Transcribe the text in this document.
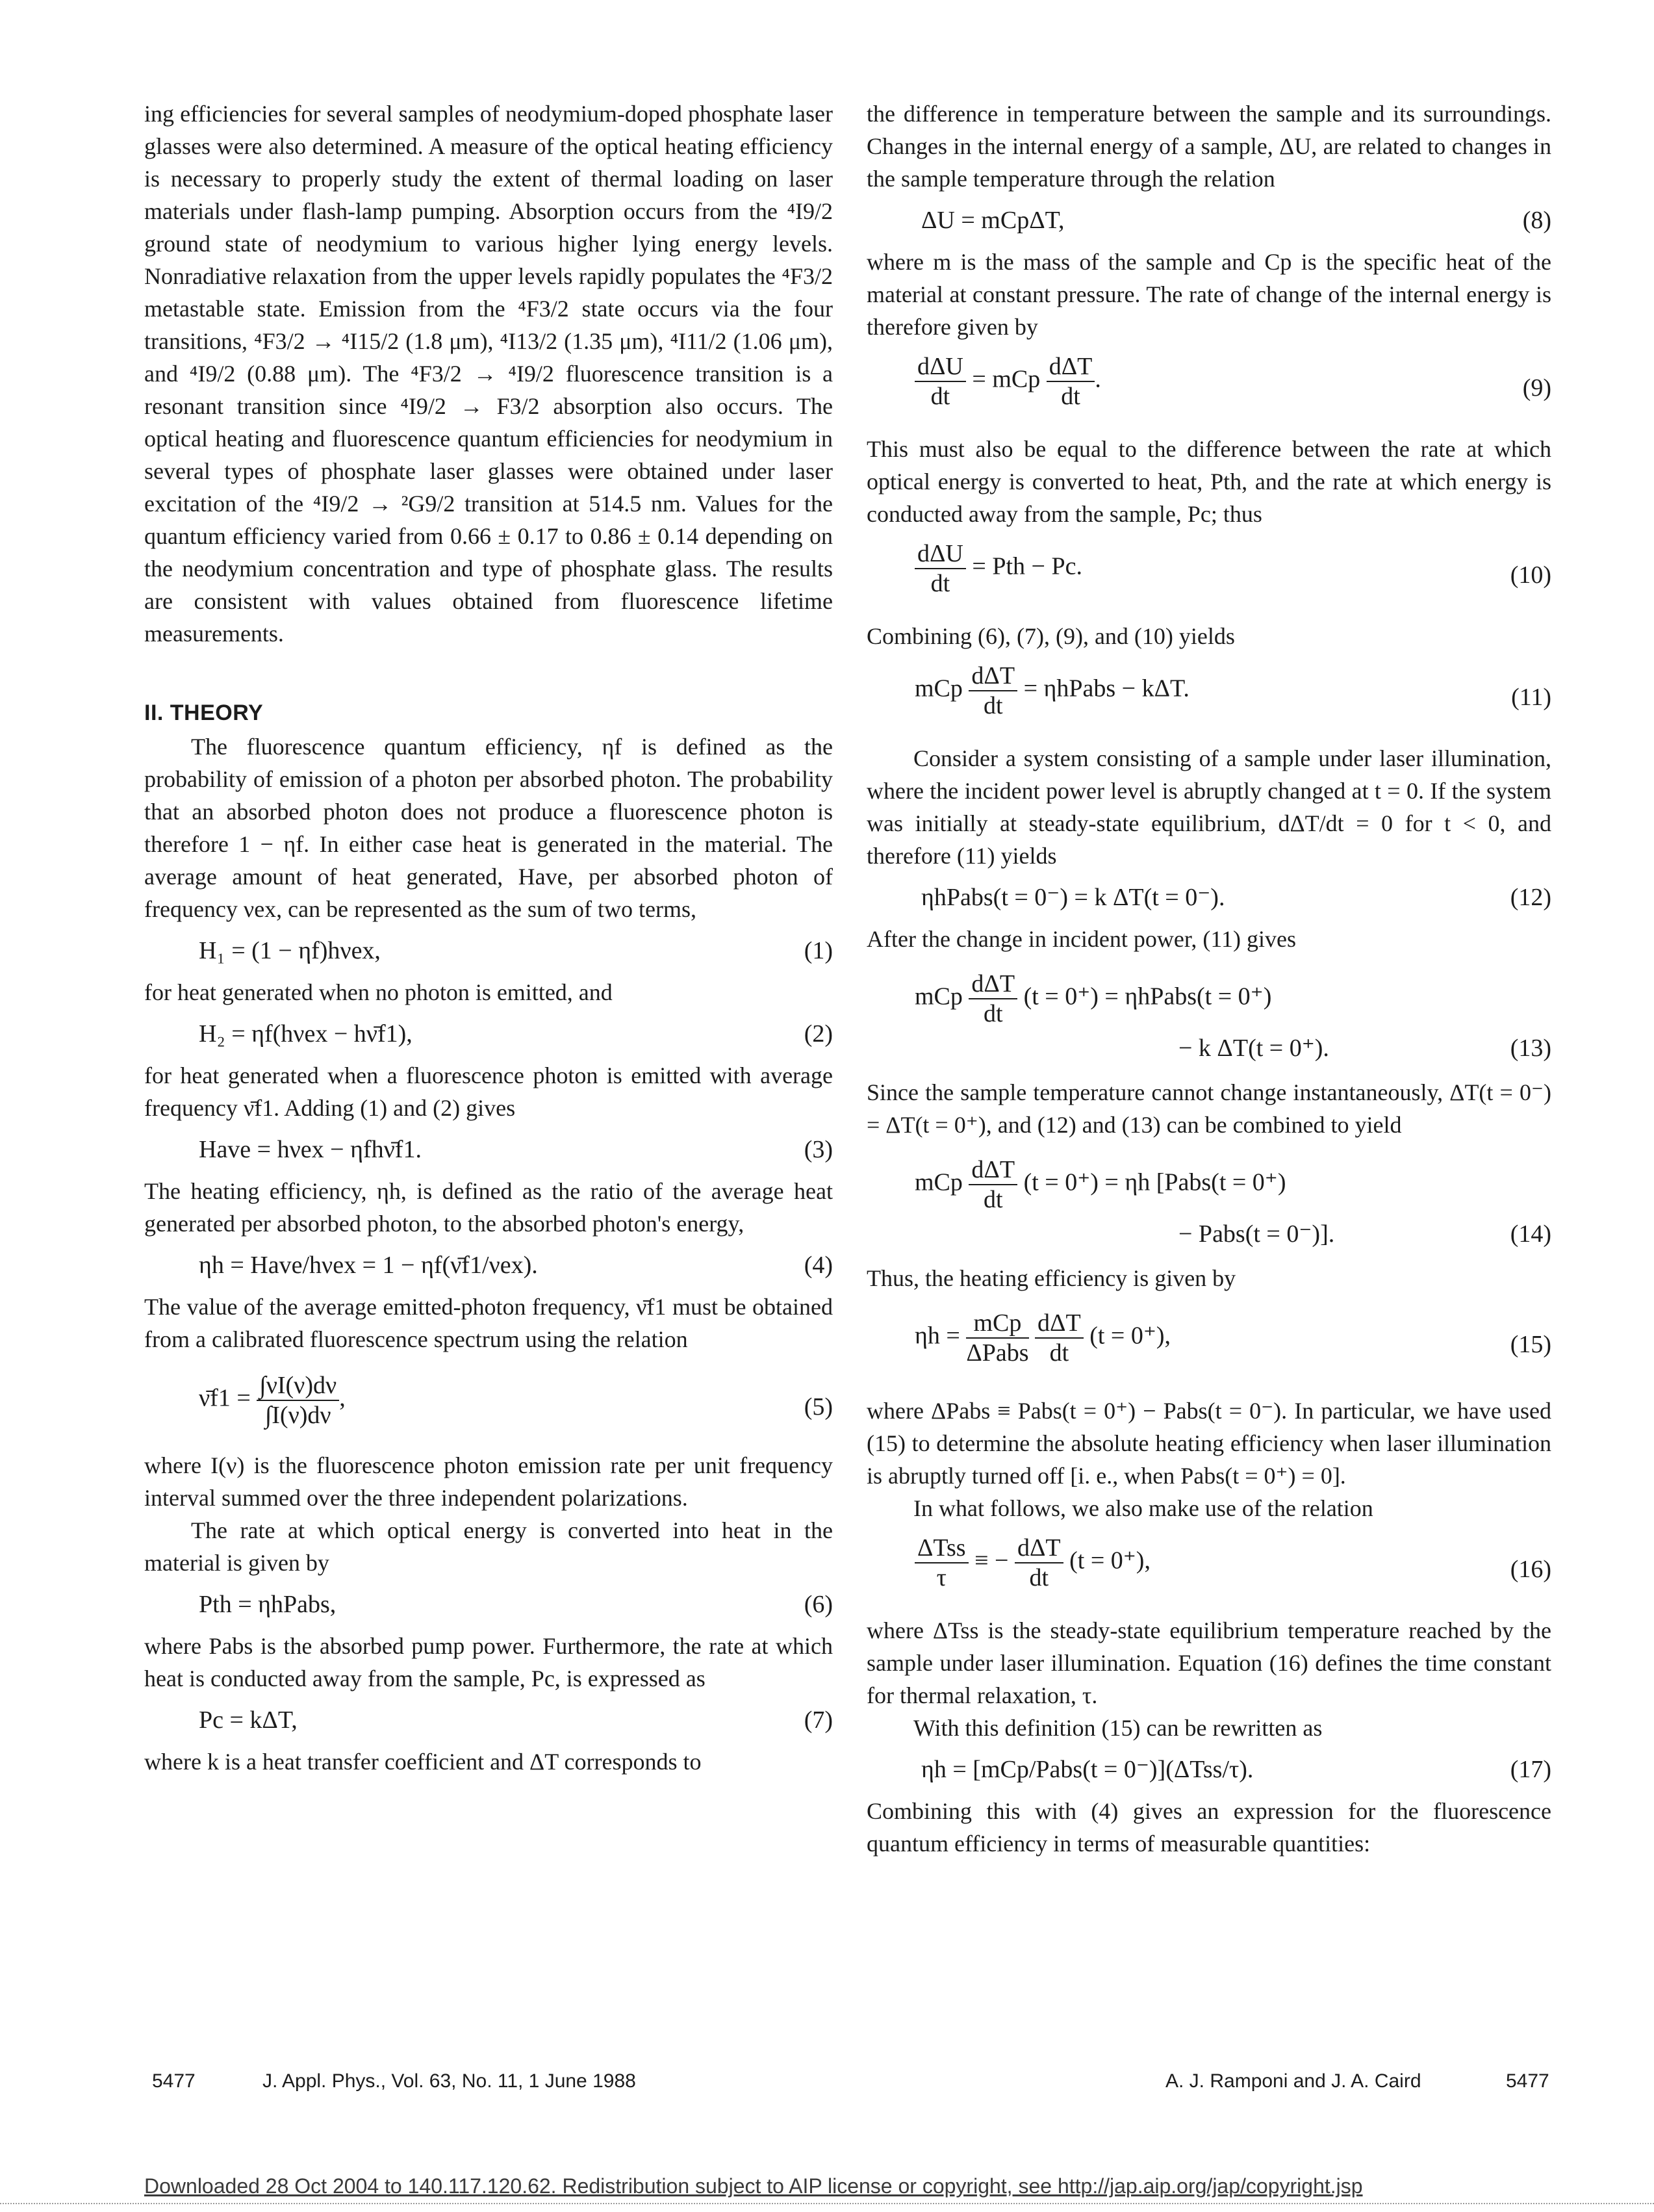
ing efficiencies for several samples of neodymium-doped phosphate laser glasses were also determined. A measure of the optical heating efficiency is necessary to properly study the extent of thermal loading on laser materials under flash-lamp pumping. Absorption occurs from the ⁴I9/2 ground state of neodymium to various higher lying energy levels. Nonradiative relaxation from the upper levels rapidly populates the ⁴F3/2 metastable state. Emission from the ⁴F3/2 state occurs via the four transitions, ⁴F3/2 → ⁴I15/2 (1.8 μm), ⁴I13/2 (1.35 μm), ⁴I11/2 (1.06 μm), and ⁴I9/2 (0.88 μm). The ⁴F3/2 → ⁴I9/2 fluorescence transition is a resonant transition since ⁴I9/2 → F3/2 absorption also occurs. The optical heating and fluorescence quantum efficiencies for neodymium in several types of phosphate laser glasses were obtained under laser excitation of the ⁴I9/2 → ²G9/2 transition at 514.5 nm. Values for the quantum efficiency varied from 0.66 ± 0.17 to 0.86 ± 0.14 depending on the neodymium concentration and type of phosphate glass. The results are consistent with values obtained from fluorescence lifetime measurements.

II. THEORY

The fluorescence quantum efficiency, ηf is defined as the probability of emission of a photon per absorbed photon. The probability that an absorbed photon does not produce a fluorescence photon is therefore 1 − ηf. In either case heat is generated in the material. The average amount of heat generated, Have, per absorbed photon of frequency νex, can be represented as the sum of two terms,

H₁ = (1 − ηf)hνex,	(1)

for heat generated when no photon is emitted, and

H₂ = ηf(hνex − hν̄f1),	(2)

for heat generated when a fluorescence photon is emitted with average frequency ν̄f1. Adding (1) and (2) gives

Have = hνex − ηfhν̄f1.	(3)

The heating efficiency, ηh, is defined as the ratio of the average heat generated per absorbed photon, to the absorbed photon's energy,

ηh = Have/hνex = 1 − ηf(ν̄f1/νex).	(4)

The value of the average emitted-photon frequency, ν̄f1 must be obtained from a calibrated fluorescence spectrum using the relation

ν̄f1 = $\frac{\int\nu I(\nu)d\nu}{\int I(\nu)d\nu}$ ,	(5)

where I(ν) is the fluorescence photon emission rate per unit frequency interval summed over the three independent polarizations.

The rate at which optical energy is converted into heat in the material is given by

Pth = ηhPabs,	(6)

where Pabs is the absorbed pump power. Furthermore, the rate at which heat is conducted away from the sample, Pc, is expressed as

Pc = kΔT,	(7)

where k is a heat transfer coefficient and ΔT corresponds to

the difference in temperature between the sample and its surroundings. Changes in the internal energy of a sample, ΔU, are related to changes in the sample temperature through the relation

ΔU = mCpΔT,	(8)

where m is the mass of the sample and Cp is the specific heat of the material at constant pressure. The rate of change of the internal energy is therefore given by

$\frac{\text{dΔU}}{dt}$ = mCp $\frac{\text{dΔT}}{dt}$ .	(9)

This must also be equal to the difference between the rate at which optical energy is converted to heat, Pth, and the rate at which energy is conducted away from the sample, Pc; thus

$\frac{\text{dΔU}}{dt}$ = Pth − Pc.	(10)

Combining (6), (7), (9), and (10) yields

mCp $\frac{\text{dΔT}}{dt}$ = ηhPabs − kΔT.	(11)

Consider a system consisting of a sample under laser illumination, where the incident power level is abruptly changed at t = 0. If the system was initially at steady-state equilibrium, dΔT/dt = 0 for t < 0, and therefore (11) yields

ηhPabs(t = 0⁻) = k ΔT(t = 0⁻).	(12)

After the change in incident power, (11) gives

mCp $\frac{\text{dΔT}}{dt} (t = 0^+)$ = ηhPabs(t = 0⁺)
− k ΔT(t = 0⁺).	(13)

Since the sample temperature cannot change instantaneously, ΔT(t = 0⁻) = ΔT(t = 0⁺), and (12) and (13) can be combined to yield

mCp $\frac{\text{dΔT}}{dt} (t = 0^+) = \eta h$ [Pabs(t = 0⁺)
− Pabs(t = 0⁻)].	(14)

Thus, the heating efficiency is given by

$\eta h = \frac{\text{mCp}}{\text{ΔPabs}}$
$\frac{\text{dΔT}}{dt} (t = 0^+)$,	(15)

where ΔPabs ≡ Pabs(t = 0⁺) − Pabs(t = 0⁻). In particular, we have used (15) to determine the absolute heating efficiency when laser illumination is abruptly turned off [i. e., when Pabs(t = 0⁺) = 0].

In what follows, we also make use of the relation

$\frac{\text{ΔTss}}{\tau}$ ≡ − $\frac{\text{dΔT}}{dt} (t = 0^+)$,	(16)

where ΔTss is the steady-state equilibrium temperature reached by the sample under laser illumination. Equation (16) defines the time constant for thermal relaxation, τ.

With this definition (15) can be rewritten as

ηh = [mCp/Pabs(t = 0⁻)](ΔTss/τ).	(17)

Combining this with (4) gives an expression for the fluorescence quantum efficiency in terms of measurable quantities:

5477	J. Appl. Phys., Vol. 63, No. 11, 1 June 1988	A. J. Ramponi and J. A. Caird	5477
Downloaded 28 Oct 2004 to 140.117.120.62. Redistribution subject to AIP license or copyright, see http://jap.aip.org/jap/copyright.jsp
